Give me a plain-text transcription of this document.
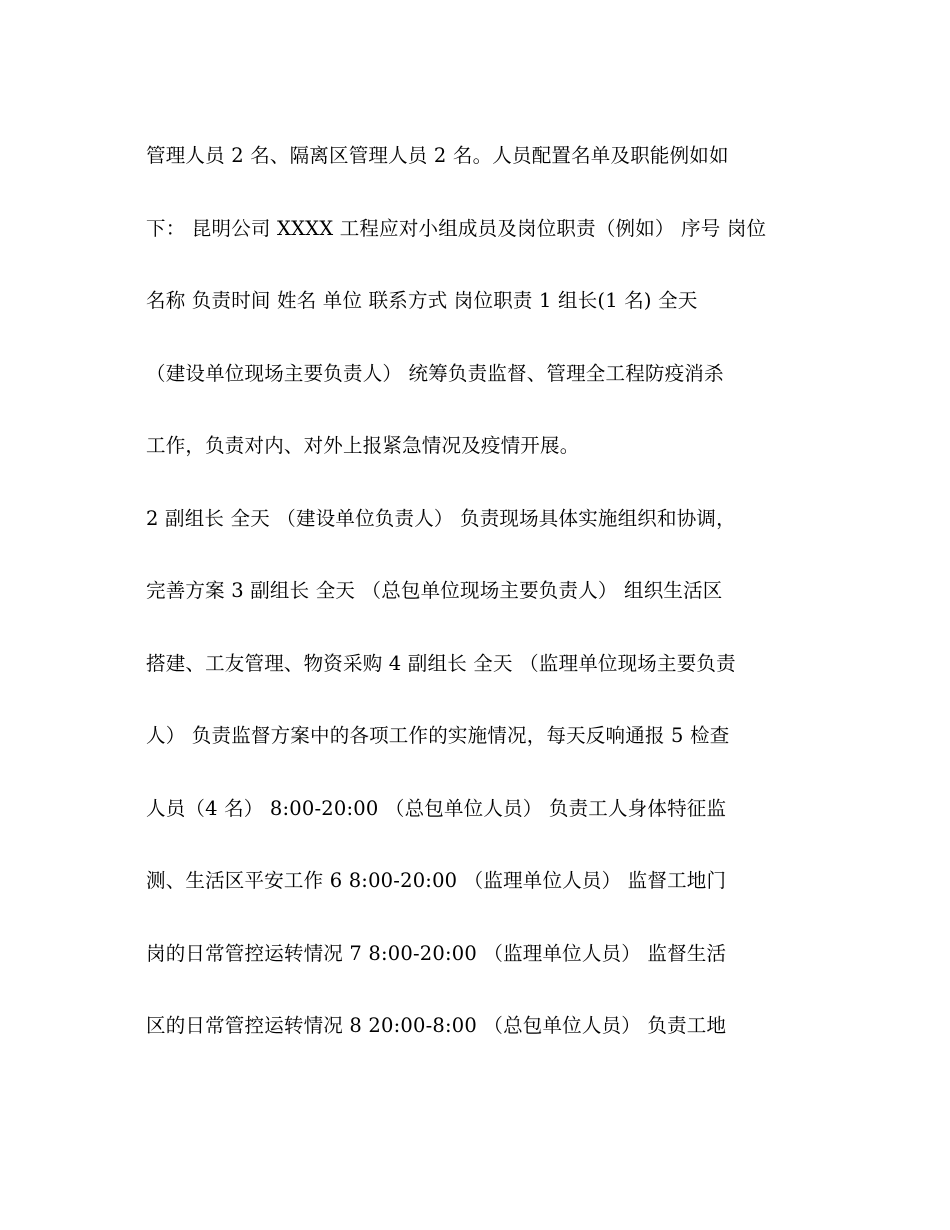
管理人员 2 名、隔离区管理人员 2 名。人员配置名单及职能例如如
下： 昆明公司 XXXX 工程应对小组成员及岗位职责（例如） 序号 岗位
名称 负责时间 姓名 单位 联系方式 岗位职责 1 组长(1 名) 全天
（建设单位现场主要负责人） 统筹负责监督、管理全工程防疫消杀
工作，负责对内、对外上报紧急情况及疫情开展。
2 副组长 全天 （建设单位负责人） 负责现场具体实施组织和协调，
完善方案 3 副组长 全天 （总包单位现场主要负责人） 组织生活区
搭建、工友管理、物资采购 4 副组长 全天 （监理单位现场主要负责
人） 负责监督方案中的各项工作的实施情况，每天反响通报 5 检查
人员（4 名） 8:00-20:00 （总包单位人员） 负责工人身体特征监
测、生活区平安工作 6 8:00-20:00 （监理单位人员） 监督工地门
岗的日常管控运转情况 7 8:00-20:00 （监理单位人员） 监督生活
区的日常管控运转情况 8 20:00-8:00 （总包单位人员） 负责工地
